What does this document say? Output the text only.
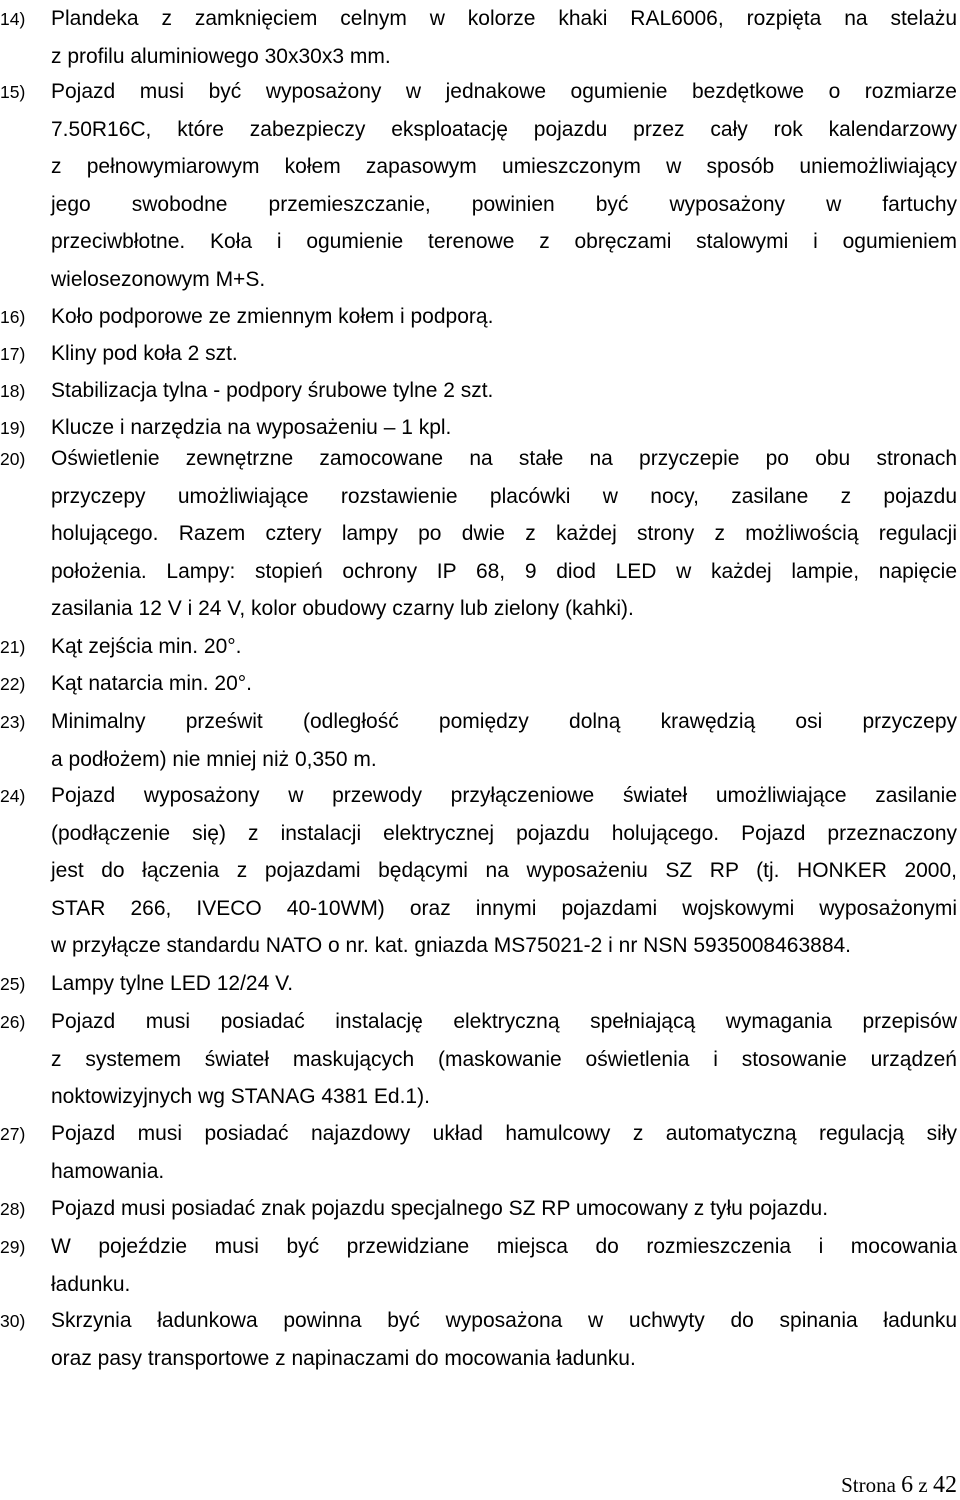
14) Plandeka z zamknięciem celnym w kolorze khaki RAL6006, rozpięta na stelażu
z profilu aluminiowego 30x30x3 mm.
15) Pojazd musi być wyposażony w jednakowe ogumienie bezdętkowe o rozmiarze
7.50R16C, które zabezpieczy eksploatację pojazdu przez cały rok kalendarzowy
z pełnowymiarowym kołem zapasowym umieszczonym w sposób uniemożliwiający
jego swobodne przemieszczanie, powinien być wyposażony w fartuchy
przeciwbłotne. Koła i ogumienie terenowe z obręczami stalowymi i ogumieniem
wielosezonowym M+S.
16) Koło podporowe ze zmiennym kołem i podporą.
17) Kliny pod koła 2 szt.
18) Stabilizacja tylna - podpory śrubowe tylne 2 szt.
19) Klucze i narzędzia na wyposażeniu – 1 kpl.
20) Oświetlenie zewnętrzne zamocowane na stałe na przyczepie po obu stronach
przyczepy umożliwiające rozstawienie placówki w nocy, zasilane z pojazdu
holującego. Razem cztery lampy po dwie z każdej strony z możliwością regulacji
położenia. Lampy: stopień ochrony IP 68, 9 diod LED w każdej lampie, napięcie
zasilania 12 V i 24 V, kolor obudowy czarny lub zielony (kahki).
21) Kąt zejścia min. 20°.
22) Kąt natarcia min. 20°.
23) Minimalny prześwit (odległość pomiędzy dolną krawędzią osi przyczepy
a podłożem) nie mniej niż 0,350 m.
24) Pojazd wyposażony w przewody przyłączeniowe świateł umożliwiające zasilanie
(podłączenie się) z instalacji elektrycznej pojazdu holującego. Pojazd przeznaczony
jest do łączenia z pojazdami będącymi na wyposażeniu SZ RP (tj. HONKER 2000,
STAR 266, IVECO 40-10WM) oraz innymi pojazdami wojskowymi wyposażonymi
w przyłącze standardu NATO o nr. kat. gniazda MS75021-2 i nr NSN 5935008463884.
25) Lampy tylne LED 12/24 V.
26) Pojazd musi posiadać instalację elektryczną spełniającą wymagania przepisów
z systemem świateł maskujących (maskowanie oświetlenia i stosowanie urządzeń
noktowizyjnych wg STANAG 4381 Ed.1).
27) Pojazd musi posiadać najazdowy układ hamulcowy z automatyczną regulacją siły
hamowania.
28) Pojazd musi posiadać znak pojazdu specjalnego SZ RP umocowany z tyłu pojazdu.
29) W pojeździe musi być przewidziane miejsca do rozmieszczenia i mocowania
ładunku.
30) Skrzynia ładunkowa powinna być wyposażona w uchwyty do spinania ładunku
oraz pasy transportowe z napinaczami do mocowania ładunku.
Strona 6 z 42
